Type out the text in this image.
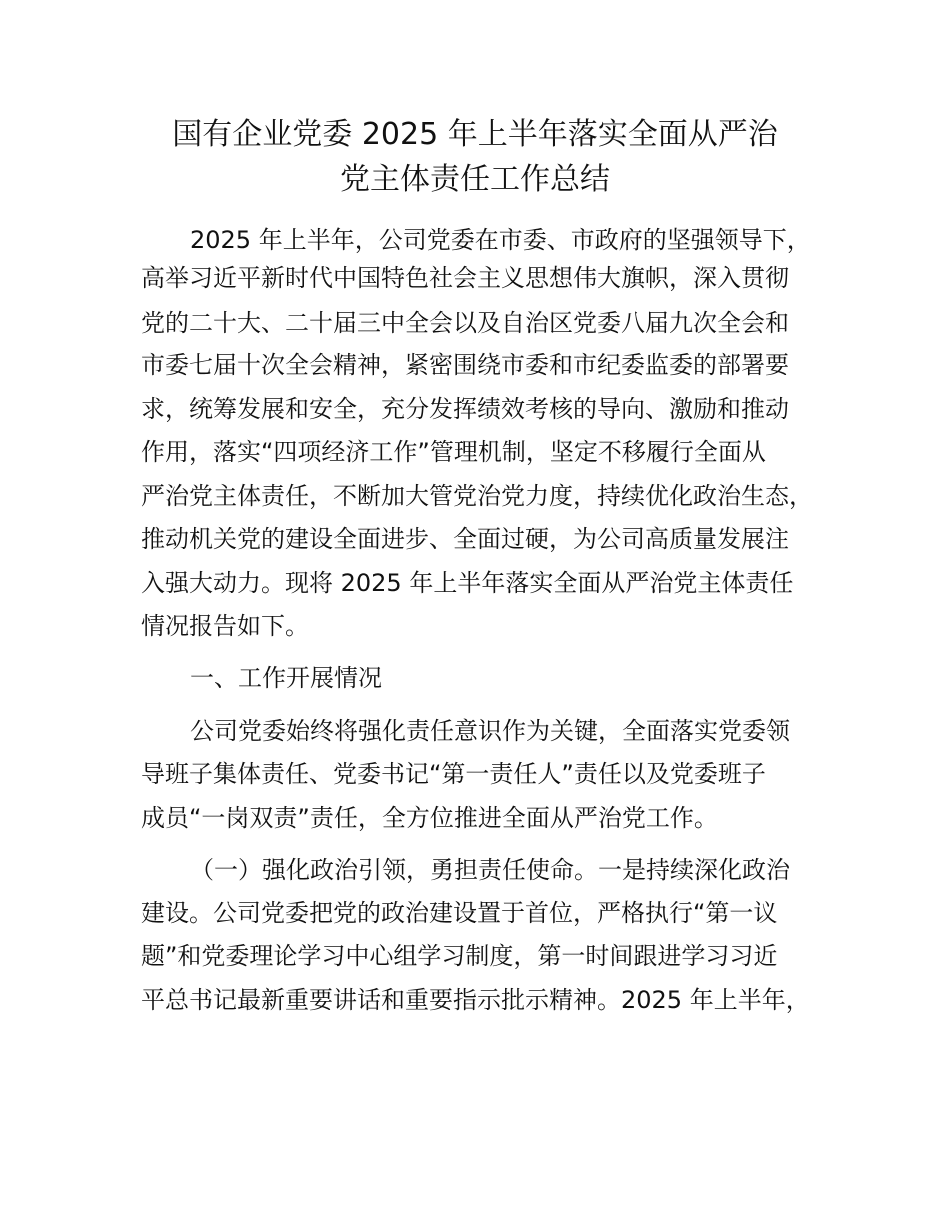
国有企业党委 2025 年上半年落实全面从严治
党主体责任工作总结
2025 年上半年，公司党委在市委、市政府的坚强领导下，
高举习近平新时代中国特色社会主义思想伟大旗帜，深入贯彻
党的二十大、二十届三中全会以及自治区党委八届九次全会和
市委七届十次全会精神，紧密围绕市委和市纪委监委的部署要
求，统筹发展和安全，充分发挥绩效考核的导向、激励和推动
作用，落实“四项经济工作”管理机制，坚定不移履行全面从
严治党主体责任，不断加大管党治党力度，持续优化政治生态，
推动机关党的建设全面进步、全面过硬，为公司高质量发展注
入强大动力。现将 2025 年上半年落实全面从严治党主体责任
情况报告如下。
一、工作开展情况
公司党委始终将强化责任意识作为关键，全面落实党委领
导班子集体责任、党委书记“第一责任人”责任以及党委班子
成员“一岗双责”责任，全方位推进全面从严治党工作。
（一）强化政治引领，勇担责任使命。一是持续深化政治
建设。公司党委把党的政治建设置于首位，严格执行“第一议
题”和党委理论学习中心组学习制度，第一时间跟进学习习近
平总书记最新重要讲话和重要指示批示精神。2025 年上半年，
